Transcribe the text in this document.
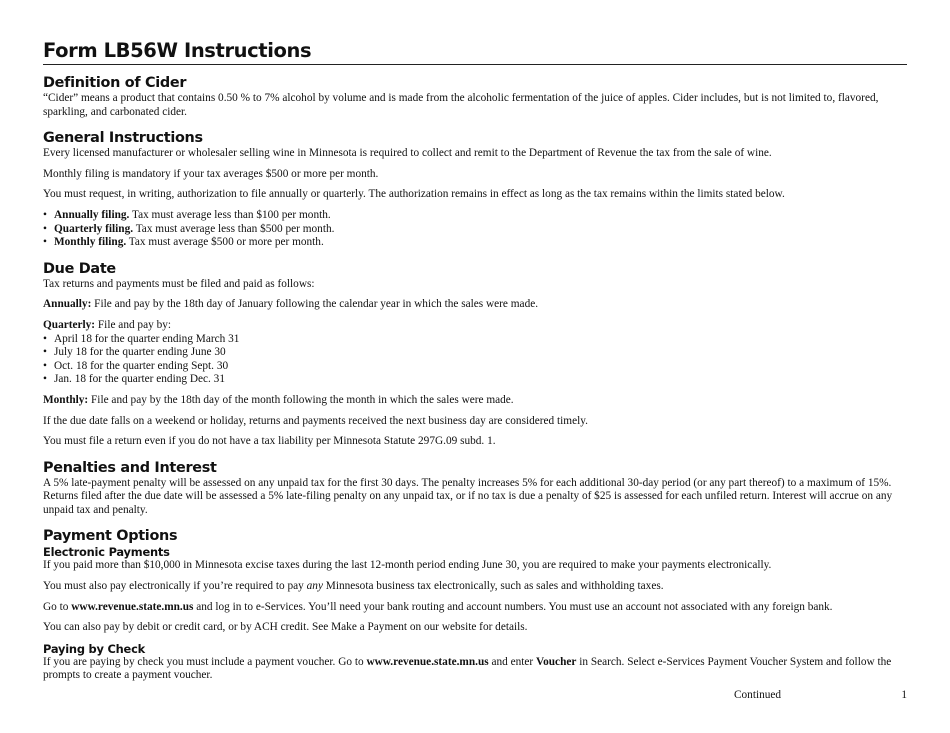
Form LB56W Instructions
Definition of Cider

“Cider” means a product that contains 0.50 % to 7% alcohol by volume and is made from the alcoholic fermentation of the juice of apples. Cider includes, but is not limited to, flavored, sparkling, and carbonated cider.

General Instructions

Every licensed manufacturer or wholesaler selling wine in Minnesota is required to collect and remit to the Department of Revenue the tax from the sale of wine.

Monthly filing is mandatory if your tax averages $500 or more per month.

You must request, in writing, authorization to file annually or quarterly. The authorization remains in effect as long as the tax remains within the limits stated below.

• Annually filing. Tax must average less than $100 per month.
• Quarterly filing. Tax must average less than $500 per month.
• Monthly filing. Tax must average $500 or more per month.
Due Date

Tax returns and payments must be filed and paid as follows:

Annually: File and pay by the 18th day of January following the calendar year in which the sales were made.

Quarterly: File and pay by:

• April 18 for the quarter ending March 31
• July 18 for the quarter ending June 30
• Oct. 18 for the quarter ending Sept. 30
• Jan. 18 for the quarter ending Dec. 31

Monthly: File and pay by the 18th day of the month following the month in which the sales were made.

If the due date falls on a weekend or holiday, returns and payments received the next business day are considered timely.

You must file a return even if you do not have a tax liability per Minnesota Statute 297G.09 subd. 1.

Penalties and Interest

A 5% late-payment penalty will be assessed on any unpaid tax for the first 30 days. The penalty increases 5% for each additional 30-day period (or any part thereof) to a maximum of 15%. Returns filed after the due date will be assessed a 5% late-filing penalty on any unpaid tax, or if no tax is due a penalty of $25 is assessed for each unfiled return. Interest will accrue on any unpaid tax and penalty.

Payment Options
Electronic Payments

If you paid more than $10,000 in Minnesota excise taxes during the last 12-month period ending June 30, you are required to make your payments electronically.

You must also pay electronically if you’re required to pay any Minnesota business tax electronically, such as sales and withholding taxes.

Go to www.revenue.state.mn.us and log in to e-Services. You’ll need your bank routing and account numbers. You must use an account not associated with any foreign bank.

You can also pay by debit or credit card, or by ACH credit. See Make a Payment on our website for details.

Paying by Check

If you are paying by check you must include a payment voucher. Go to www.revenue.state.mn.us and enter Voucher in Search. Select e-Services Payment Voucher System and follow the prompts to create a payment voucher.

Continued	1
